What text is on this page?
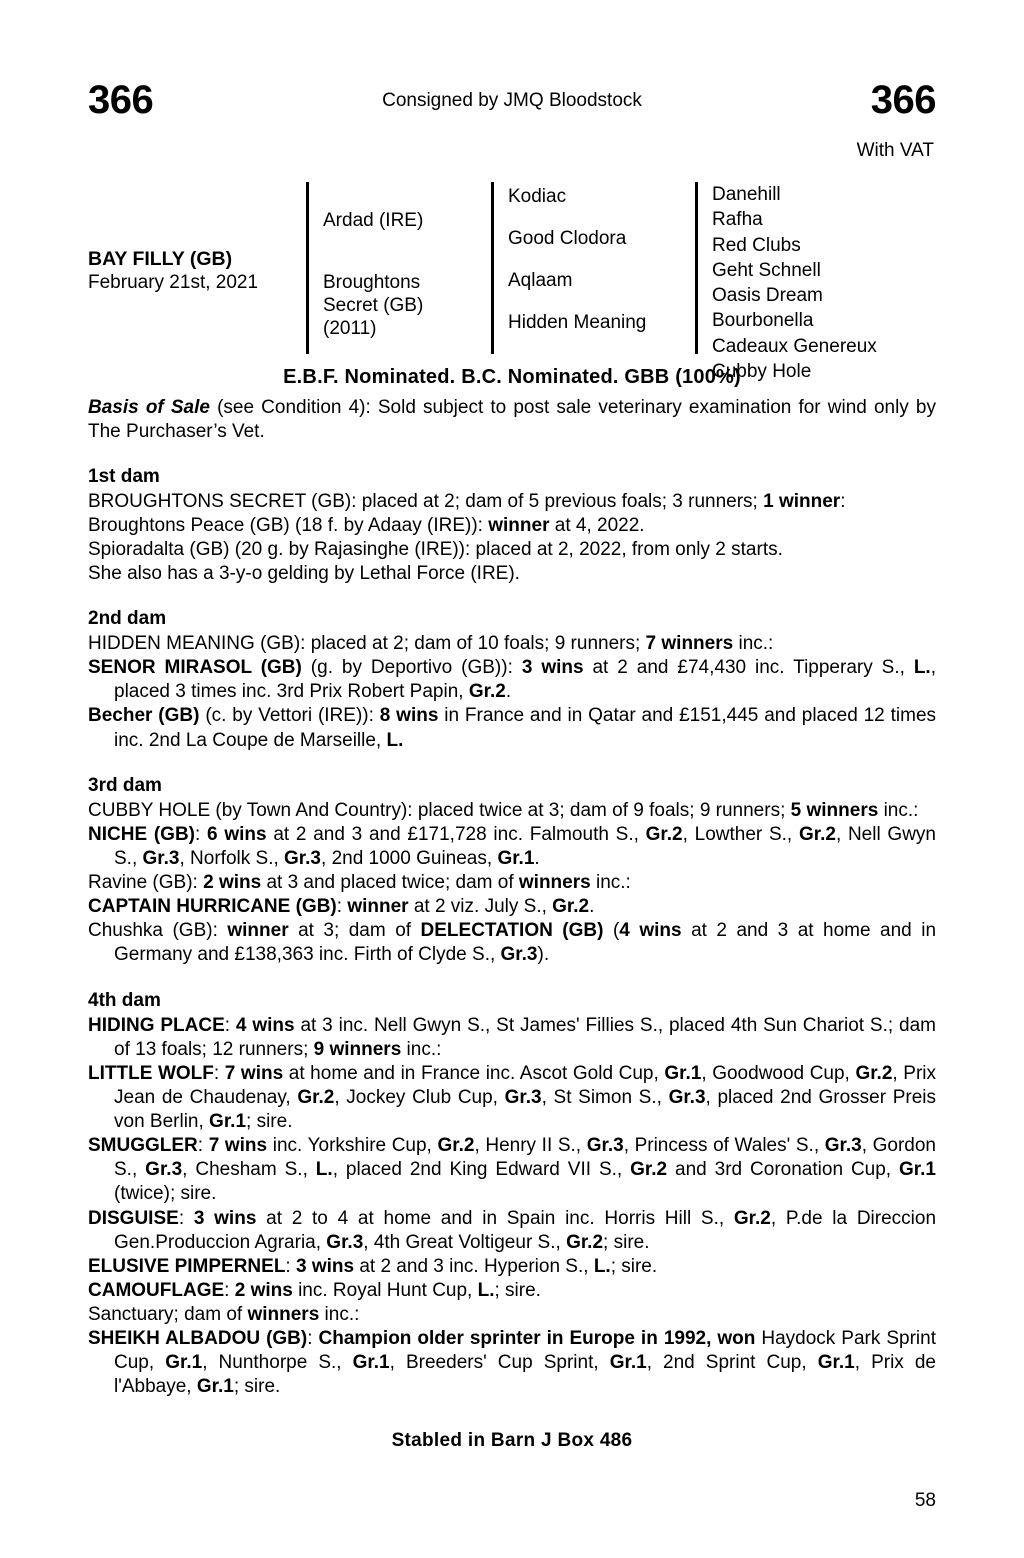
366	Consigned by JMQ Bloodstock	366
With VAT
BAY FILLY (GB)
February 21st, 2021
Ardad (IRE)
Broughtons
Secret (GB)
(2011)
Kodiac
Good Clodora
Aqlaam
Hidden Meaning
Danehill
Rafha
Red Clubs
Geht Schnell
Oasis Dream
Bourbonella
Cadeaux Genereux
Cubby Hole
E.B.F. Nominated. B.C. Nominated. GBB (100%)
Basis of Sale (see Condition 4): Sold subject to post sale veterinary examination for wind only by The Purchaser’s Vet.
1st dam

BROUGHTONS SECRET (GB): placed at 2; dam of 5 previous foals; 3 runners; 1 winner:

Broughtons Peace (GB) (18 f. by Adaay (IRE)): winner at 4, 2022.

Spioradalta (GB) (20 g. by Rajasinghe (IRE)): placed at 2, 2022, from only 2 starts.

She also has a 3-y-o gelding by Lethal Force (IRE).

2nd dam

HIDDEN MEANING (GB): placed at 2; dam of 10 foals; 9 runners; 7 winners inc.:

SENOR MIRASOL (GB) (g. by Deportivo (GB)): 3 wins at 2 and £74,430 inc. Tipperary S., L., placed 3 times inc. 3rd Prix Robert Papin, Gr.2.

Becher (GB) (c. by Vettori (IRE)): 8 wins in France and in Qatar and £151,445 and placed 12 times inc. 2nd La Coupe de Marseille, L.

3rd dam

CUBBY HOLE (by Town And Country): placed twice at 3; dam of 9 foals; 9 runners; 5 winners inc.:

NICHE (GB): 6 wins at 2 and 3 and £171,728 inc. Falmouth S., Gr.2, Lowther S., Gr.2, Nell Gwyn S., Gr.3, Norfolk S., Gr.3, 2nd 1000 Guineas, Gr.1.

Ravine (GB): 2 wins at 3 and placed twice; dam of winners inc.:

CAPTAIN HURRICANE (GB): winner at 2 viz. July S., Gr.2.

Chushka (GB): winner at 3; dam of DELECTATION (GB) (4 wins at 2 and 3 at home and in Germany and £138,363 inc. Firth of Clyde S., Gr.3).

4th dam

HIDING PLACE: 4 wins at 3 inc. Nell Gwyn S., St James' Fillies S., placed 4th Sun Chariot S.; dam of 13 foals; 12 runners; 9 winners inc.:

LITTLE WOLF: 7 wins at home and in France inc. Ascot Gold Cup, Gr.1, Goodwood Cup, Gr.2, Prix Jean de Chaudenay, Gr.2, Jockey Club Cup, Gr.3, St Simon S., Gr.3, placed 2nd Grosser Preis von Berlin, Gr.1; sire.

SMUGGLER: 7 wins inc. Yorkshire Cup, Gr.2, Henry II S., Gr.3, Princess of Wales' S., Gr.3, Gordon S., Gr.3, Chesham S., L., placed 2nd King Edward VII S., Gr.2 and 3rd Coronation Cup, Gr.1 (twice); sire.

DISGUISE: 3 wins at 2 to 4 at home and in Spain inc. Horris Hill S., Gr.2, P.de la Direccion Gen.Produccion Agraria, Gr.3, 4th Great Voltigeur S., Gr.2; sire.

ELUSIVE PIMPERNEL: 3 wins at 2 and 3 inc. Hyperion S., L.; sire.

CAMOUFLAGE: 2 wins inc. Royal Hunt Cup, L.; sire.

Sanctuary; dam of winners inc.:

SHEIKH ALBADOU (GB): Champion older sprinter in Europe in 1992, won Haydock Park Sprint Cup, Gr.1, Nunthorpe S., Gr.1, Breeders' Cup Sprint, Gr.1, 2nd Sprint Cup, Gr.1, Prix de l'Abbaye, Gr.1; sire.

Stabled in Barn J Box 486
58
